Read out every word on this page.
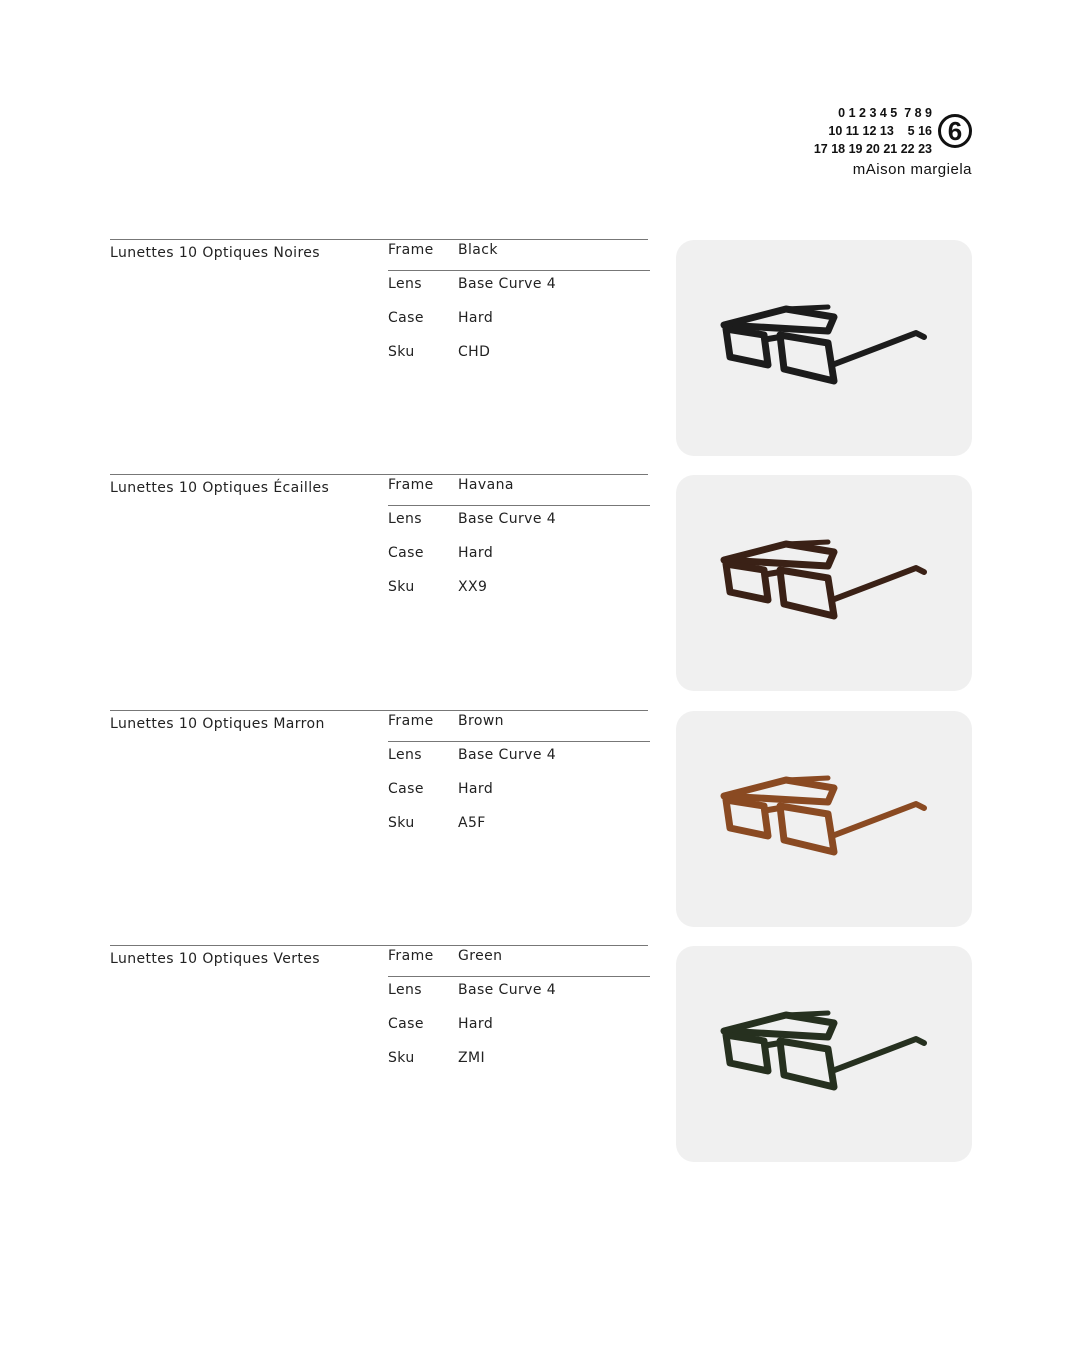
0 1 2 3 4 5  7 8 9
10 11 12 13    5 16
17 18 19 20 21 22 23
6
mAison margiela
Lunettes 10 Optiques Noires	Frame Black
Lens	Base Curve 4
Case Hard
Sku	CHD
Lunettes 10 Optiques Écailles	Frame Havana
Lens	Base Curve 4
Case Hard
Sku	XX9
Lunettes 10 Optiques Marron	Frame Brown
Lens	Base Curve 4
Case Hard
Sku	A5F
Lunettes 10 Optiques Vertes	Frame Green
Lens	Base Curve 4
Case Hard
Sku	ZMI
